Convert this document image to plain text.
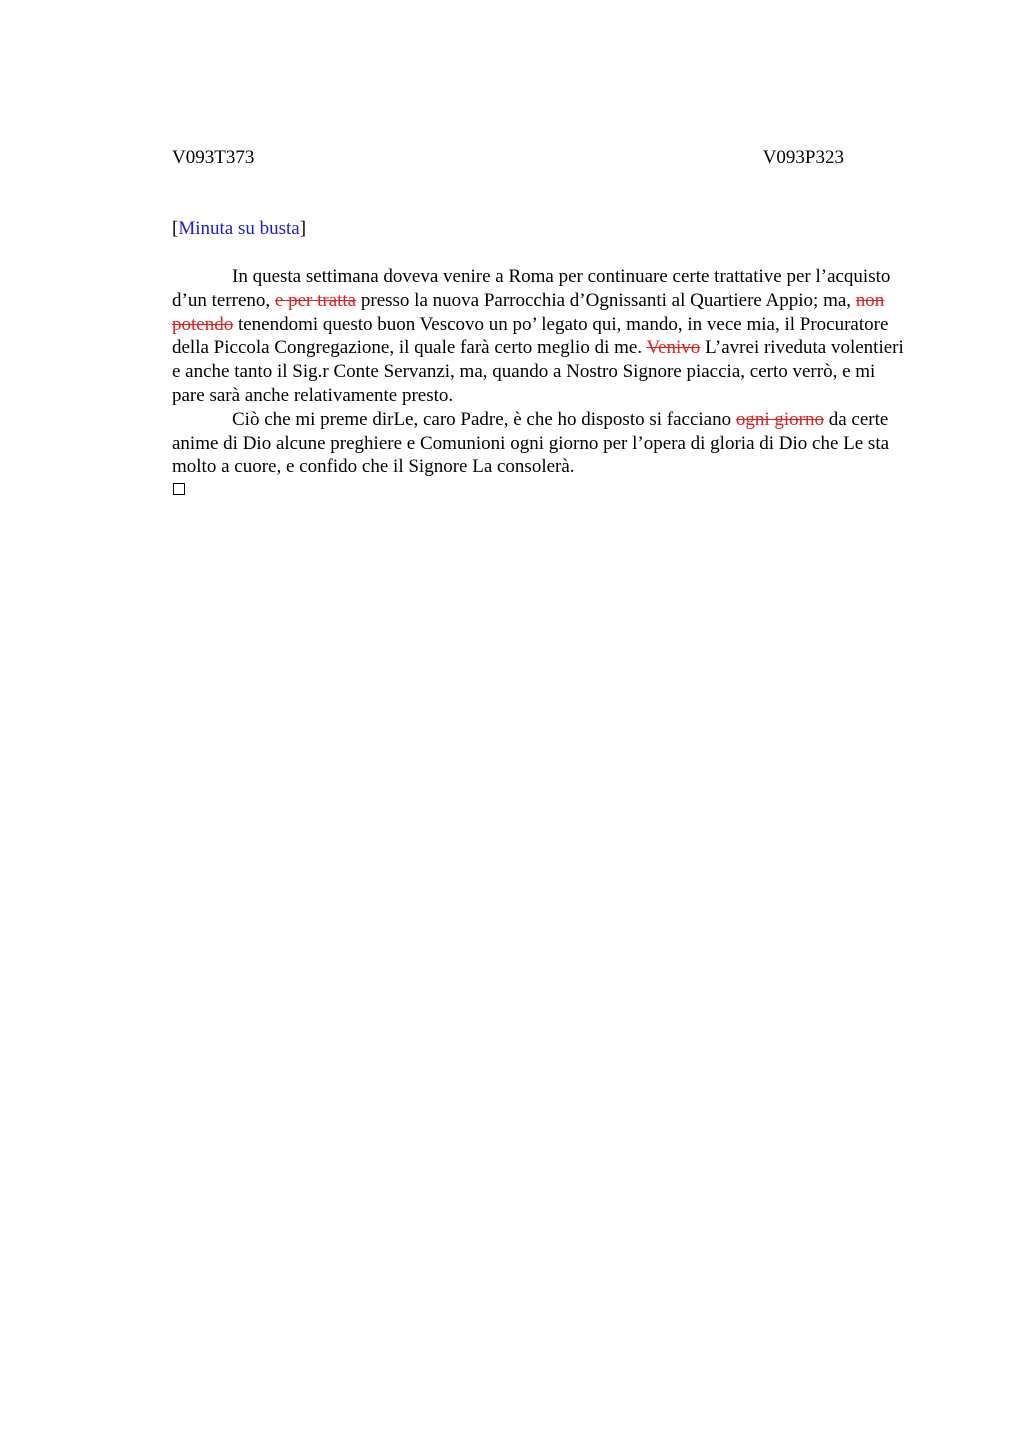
V093T373	V093P323
[Minuta su busta]

In questa settimana doveva venire a Roma per continuare certe trattative per l’acquisto d’un terreno, e per tratta presso la nuova Parrocchia d’Ognissanti al Quartiere Appio; ma, non potendo tenendomi questo buon Vescovo un po’ legato qui, mando, in vece mia, il Procuratore della Piccola Congregazione, il quale farà certo meglio di me. Venivo L’avrei riveduta volentieri e anche tanto il Sig.r Conte Servanzi, ma, quando a Nostro Signore piaccia, certo verrò, e mi pare sarà anche relativamente presto.

Ciò che mi preme dirLe, caro Padre, è che ho disposto si facciano ogni giorno da certe anime di Dio alcune preghiere e Comunioni ogni giorno per l’opera di gloria di Dio che Le sta molto a cuore, e confido che il Signore La consolerà.
